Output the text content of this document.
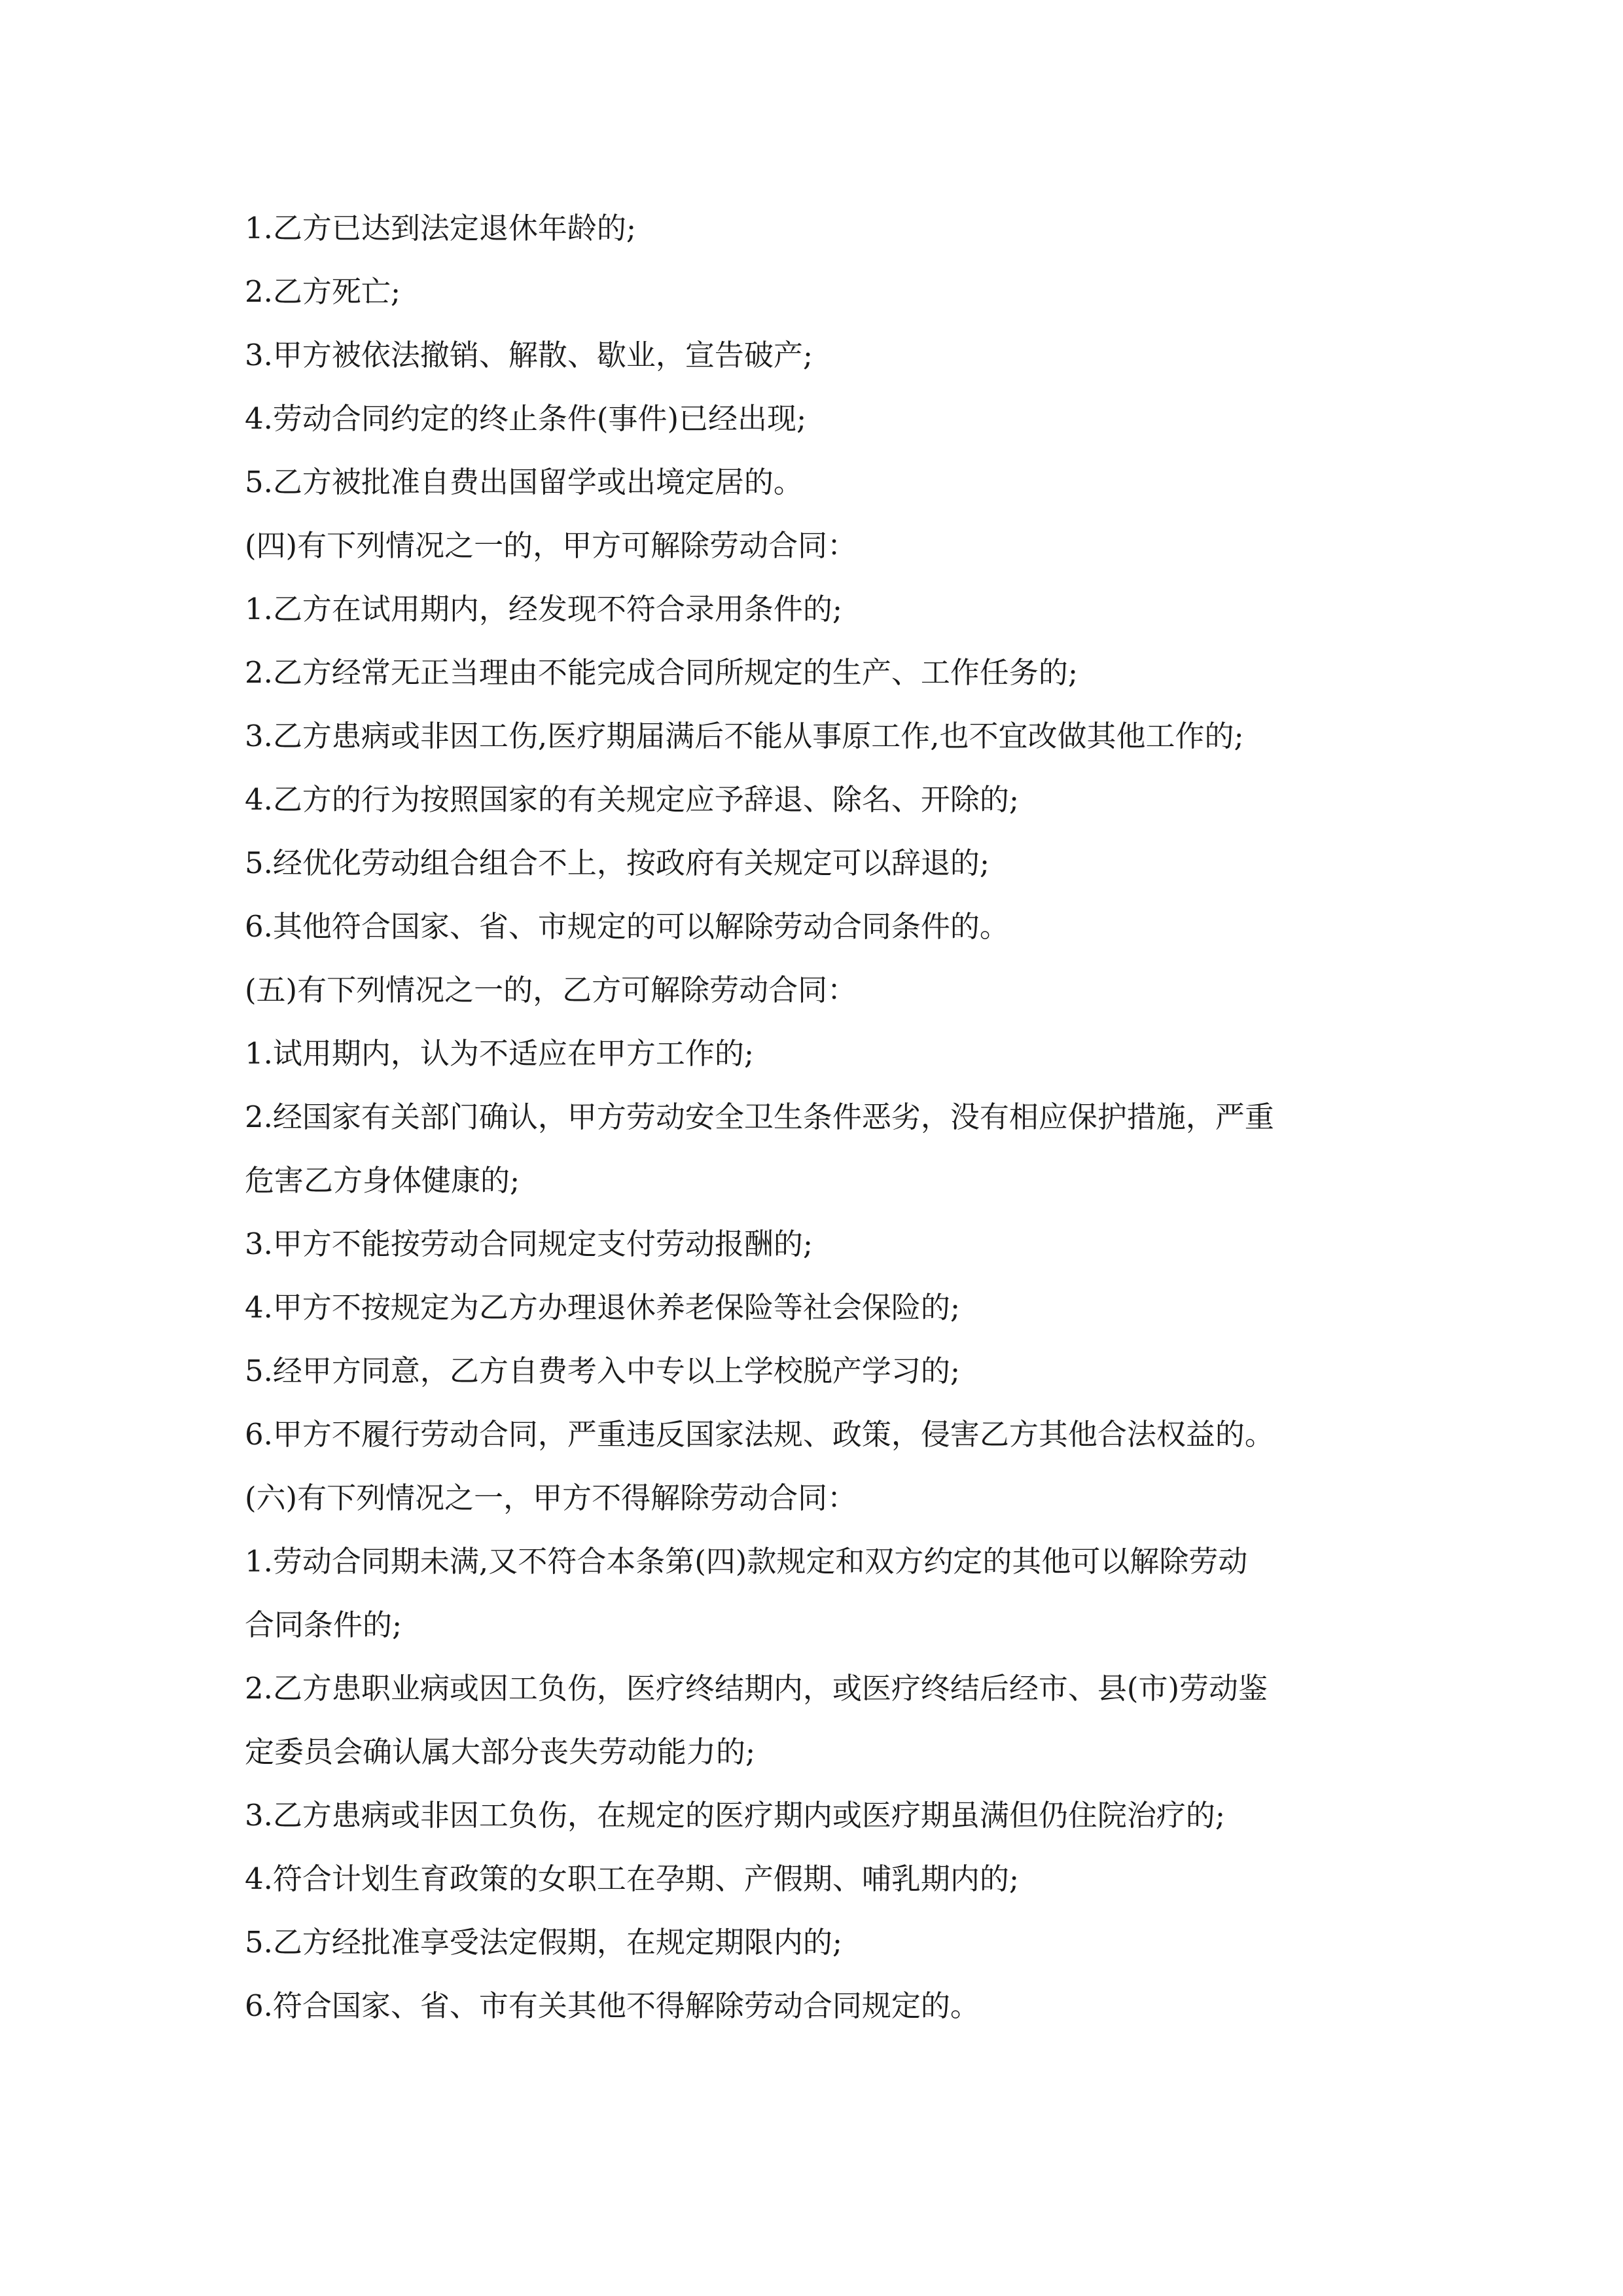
1.乙方已达到法定退休年龄的;

2.乙方死亡;

3.甲方被依法撤销、解散、歇业，宣告破产;

4.劳动合同约定的终止条件(事件)已经出现;

5.乙方被批准自费出国留学或出境定居的。

(四)有下列情况之一的，甲方可解除劳动合同：

1.乙方在试用期内，经发现不符合录用条件的;

2.乙方经常无正当理由不能完成合同所规定的生产、工作任务的;

3.乙方患病或非因工伤,医疗期届满后不能从事原工作,也不宜改做其他工作的;

4.乙方的行为按照国家的有关规定应予辞退、除名、开除的;

5.经优化劳动组合组合不上，按政府有关规定可以辞退的;

6.其他符合国家、省、市规定的可以解除劳动合同条件的。

(五)有下列情况之一的，乙方可解除劳动合同：

1.试用期内，认为不适应在甲方工作的;

2.经国家有关部门确认，甲方劳动安全卫生条件恶劣，没有相应保护措施，严重

危害乙方身体健康的;

3.甲方不能按劳动合同规定支付劳动报酬的;

4.甲方不按规定为乙方办理退休养老保险等社会保险的;

5.经甲方同意，乙方自费考入中专以上学校脱产学习的;

6.甲方不履行劳动合同，严重违反国家法规、政策，侵害乙方其他合法权益的。

(六)有下列情况之一，甲方不得解除劳动合同：

1.劳动合同期未满,又不符合本条第(四)款规定和双方约定的其他可以解除劳动

合同条件的;

2.乙方患职业病或因工负伤，医疗终结期内，或医疗终结后经市、县(市)劳动鉴

定委员会确认属大部分丧失劳动能力的;

3.乙方患病或非因工负伤，在规定的医疗期内或医疗期虽满但仍住院治疗的;

4.符合计划生育政策的女职工在孕期、产假期、哺乳期内的;

5.乙方经批准享受法定假期，在规定期限内的;

6.符合国家、省、市有关其他不得解除劳动合同规定的。
